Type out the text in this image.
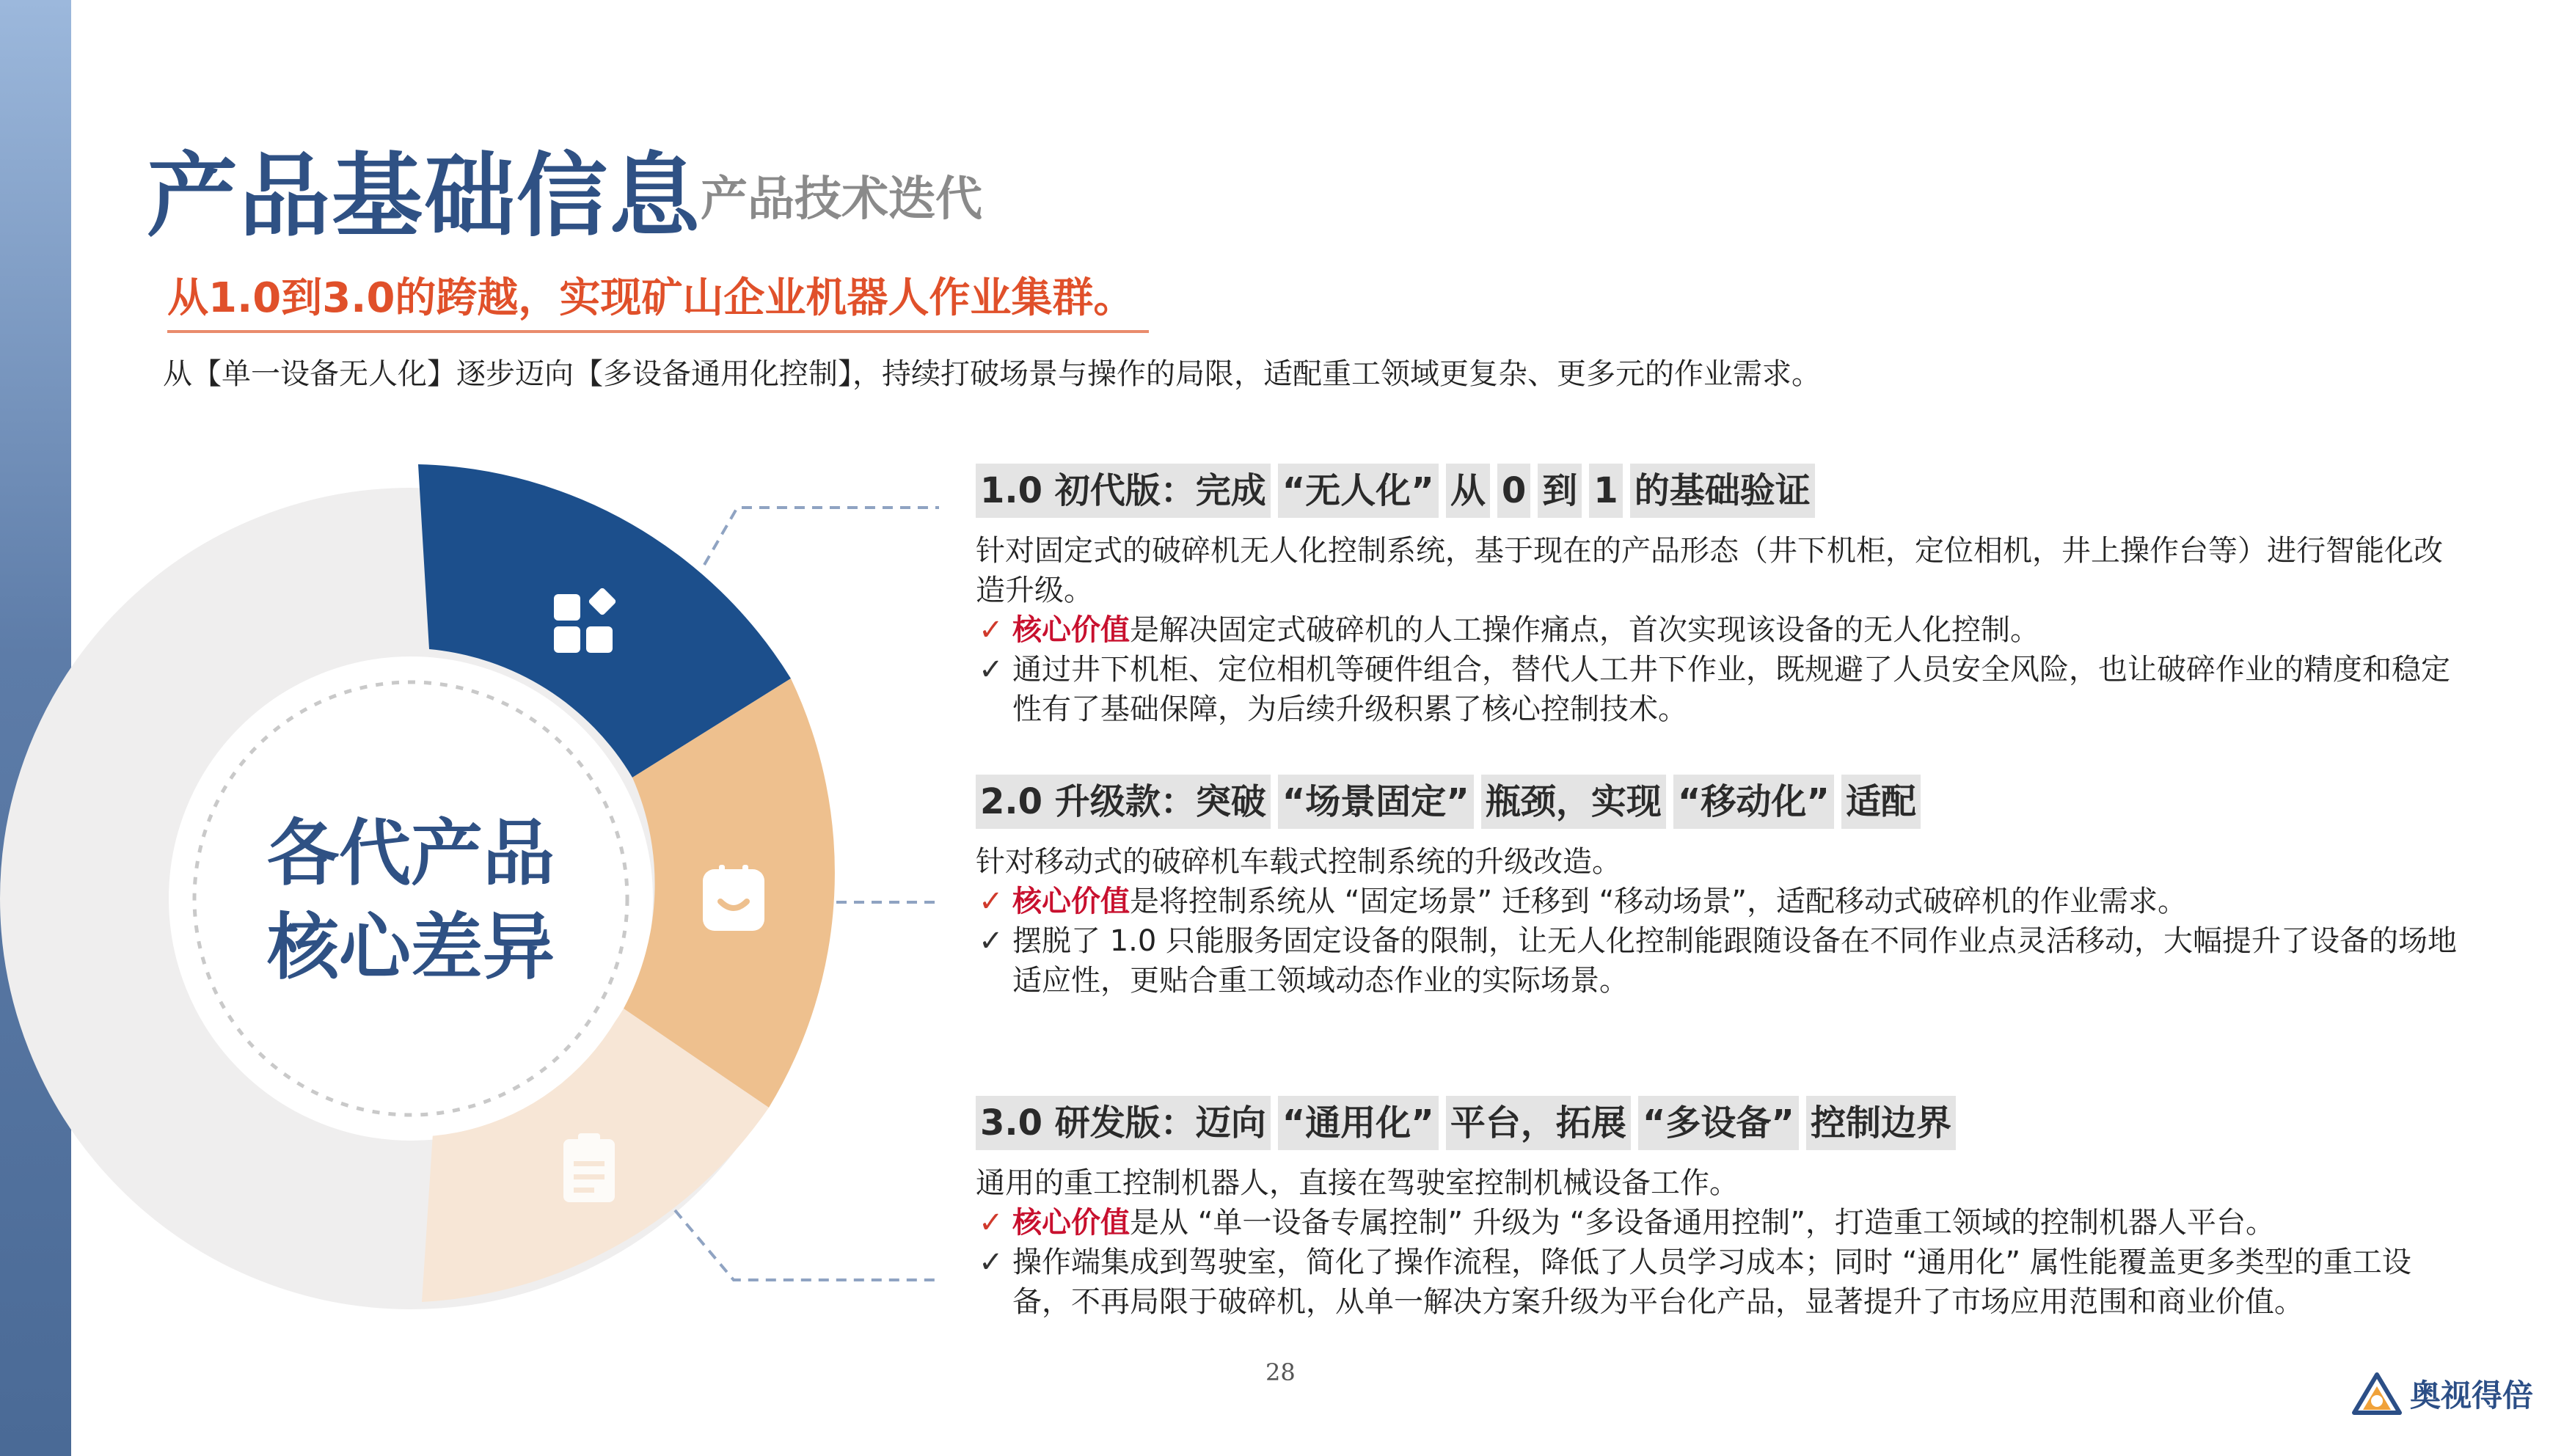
产品基础信息
产品技术迭代
从1.0到3.0的跨越，实现矿山企业机器人作业集群。
从【单一设备无人化】逐步迈向【多设备通用化控制】，持续打破场景与操作的局限，适配重工领域更复杂、更多元的作业需求。
各代产品
核心差异
1.0 初代版：完成 “无人化” 从 0 到 1 的基础验证
针对固定式的破碎机无人化控制系统，基于现在的产品形态（井下机柜，定位相机，井上操作台等）进行智能化改造升级。
✓ 核心价值是解决固定式破碎机的人工操作痛点，首次实现该设备的无人化控制。
✓ 通过井下机柜、定位相机等硬件组合，替代人工井下作业，既规避了人员安全风险，也让破碎作业的精度和稳定性有了基础保障，为后续升级积累了核心控制技术。
2.0 升级款：突破 “场景固定” 瓶颈，实现 “移动化” 适配
针对移动式的破碎机车载式控制系统的升级改造。
✓ 核心价值是将控制系统从 “固定场景” 迁移到 “移动场景”，适配移动式破碎机的作业需求。
✓ 摆脱了 1.0 只能服务固定设备的限制，让无人化控制能跟随设备在不同作业点灵活移动，大幅提升了设备的场地适应性，更贴合重工领域动态作业的实际场景。
3.0 研发版：迈向 “通用化” 平台，拓展 “多设备” 控制边界
通用的重工控制机器人，直接在驾驶室控制机械设备工作。
✓ 核心价值是从 “单一设备专属控制” 升级为 “多设备通用控制”，打造重工领域的控制机器人平台。
✓ 操作端集成到驾驶室，简化了操作流程，降低了人员学习成本；同时 “通用化” 属性能覆盖更多类型的重工设备，不再局限于破碎机，从单一解决方案升级为平台化产品，显著提升了市场应用范围和商业价值。
28
奥视得倍
